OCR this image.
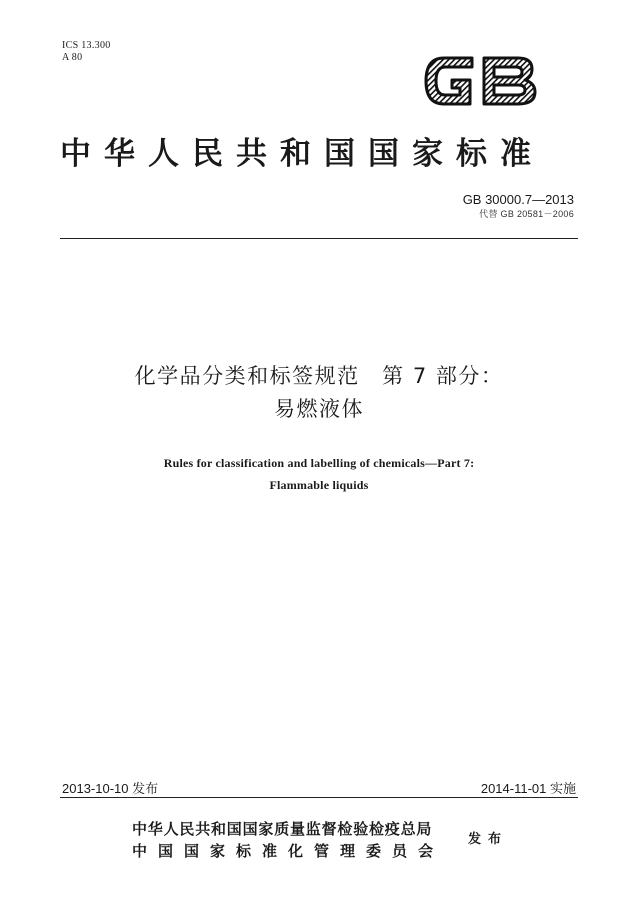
ICS 13.300
A 80
中华人民共和国国家标准
GB 30000.7—2013
代替 GB 20581－2006
化学品分类和标签规范　第 7 部分：
易燃液体
Rules for classification and labelling of chemicals—Part 7:
Flammable liquids
2013-10-10 发布	2014-11-01 实施
中华人民共和国国家质量监督检验检疫总局
中国国家标准化管理委员会
发布
